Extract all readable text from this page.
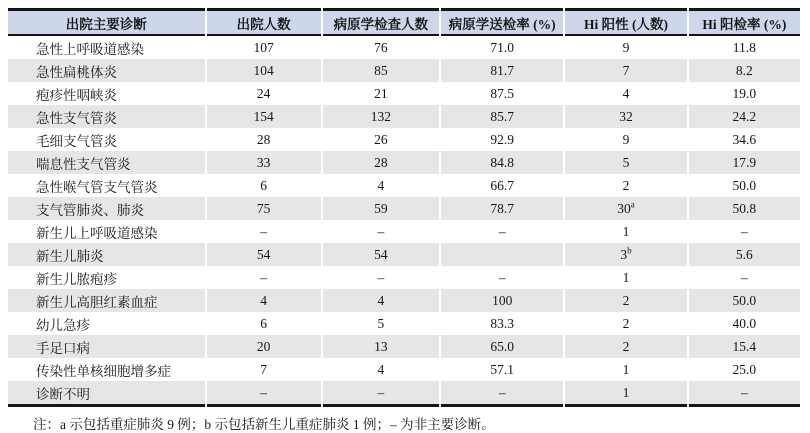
出院主要诊断	出院人数	病原学检查人数	病原学送检率 (%)	Hi 阳性 (人数)	Hi 阳检率 (%)
急性上呼吸道感染	107	76	71.0	9	11.8
急性扁桃体炎	104	85	81.7	7	8.2
疱疹性咽峡炎	24	21	87.5	4	19.0
急性支气管炎	154	132	85.7	32	24.2
毛细支气管炎	28	26	92.9	9	34.6
喘息性支气管炎	33	28	84.8	5	17.9
急性喉气管支气管炎	6	4	66.7	2	50.0
支气管肺炎、肺炎	75	59	78.7	30$^a$	50.8
新生儿上呼吸道感染	–	–	–	1	–
新生儿肺炎	54	54		3$^b$	5.6
新生儿脓疱疹	–	–	–	1	–
新生儿高胆红素血症	4	4	100	2	50.0
幼儿急疹	6	5	83.3	2	40.0
手足口病	20	13	65.0	2	15.4
传染性单核细胞增多症	7	4	57.1	1	25.0
诊断不明	–	–	–	1	–
注：a 示包括重症肺炎 9 例；b 示包括新生儿重症肺炎 1 例；– 为非主要诊断。
